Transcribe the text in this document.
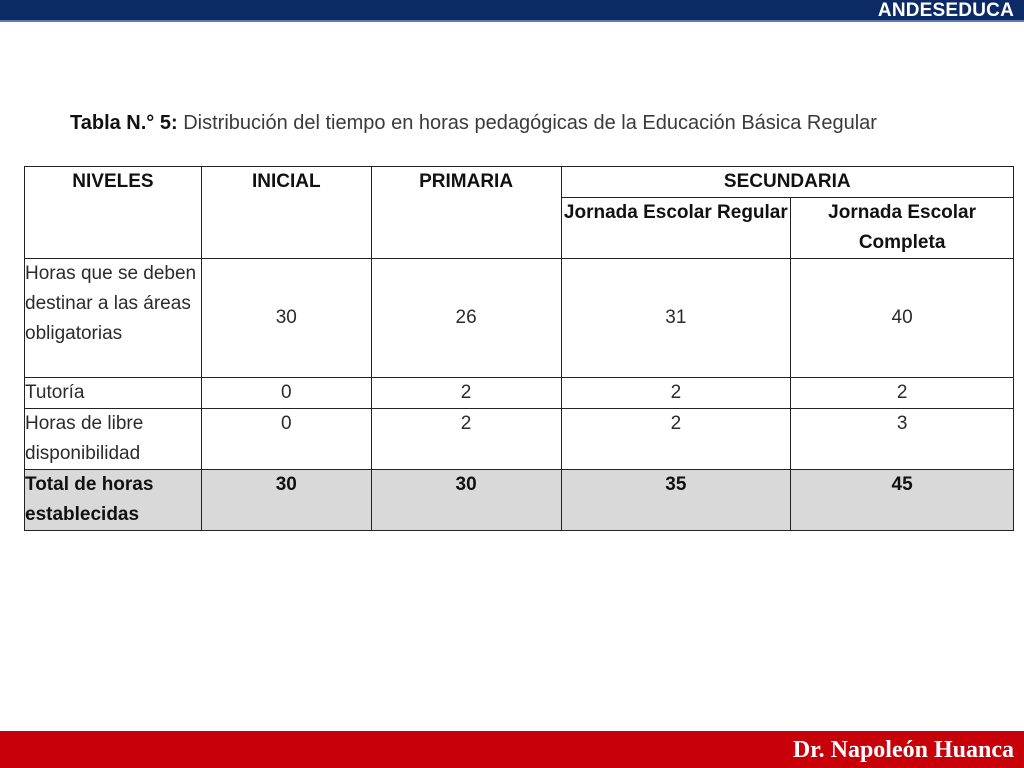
ANDESEDUCA
Tabla N.° 5: Distribución del tiempo en horas pedagógicas de la Educación Básica Regular
NIVELES	INICIAL	PRIMARIA	SECUNDARIA	
			Jornada Escolar Regular	Jornada Escolar Completa
Horas que se deben destinar a las áreas obligatorias	30	26	31	40
Tutoría	0	2	2	2
Horas de libre disponibilidad	0	2	2	3
Total de horas establecidas	30	30	35	45
Dr. Napoleón Huanca
